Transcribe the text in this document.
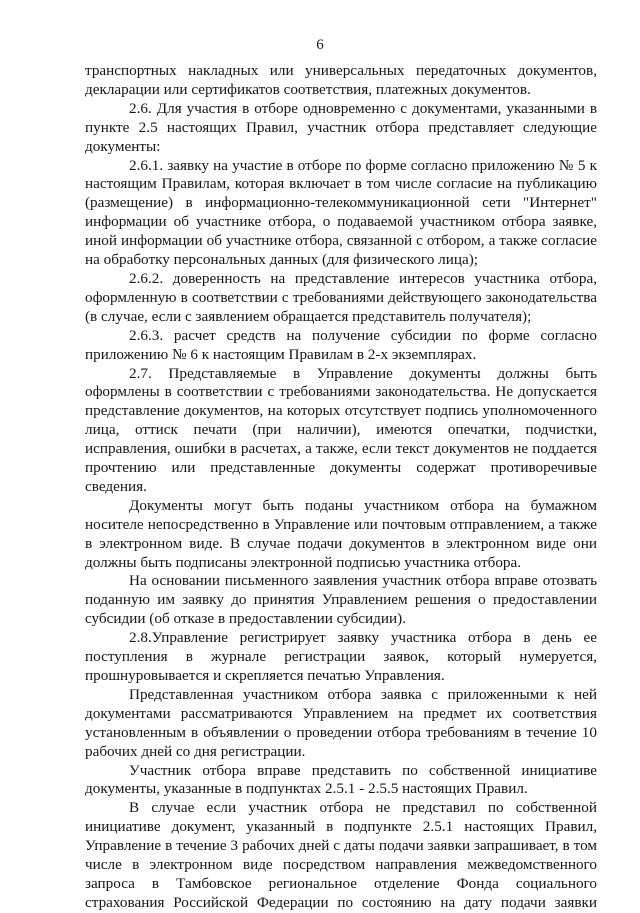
6

транспортных накладных или универсальных передаточных документов, декларации или сертификатов соответствия, платежных документов.

2.6. Для участия в отборе одновременно с документами, указанными в пункте 2.5 настоящих Правил, участник отбора представляет следующие документы:

2.6.1. заявку на участие в отборе по форме согласно приложению № 5 к настоящим Правилам, которая включает в том числе согласие на публикацию (размещение) в информационно-телекоммуникационной сети "Интернет" информации об участнике отбора, о подаваемой участником отбора заявке, иной информации об участнике отбора, связанной с отбором, а также согласие на обработку персональных данных (для физического лица);

2.6.2. доверенность на представление интересов участника отбора, оформленную в соответствии с требованиями действующего законодательства (в случае, если с заявлением обращается представитель получателя);

2.6.3. расчет средств на получение субсидии по форме согласно приложению № 6 к настоящим Правилам в 2-х экземплярах.

2.7. Представляемые в Управление документы должны быть оформлены в соответствии с требованиями законодательства. Не допускается представление документов, на которых отсутствует подпись уполномоченного лица, оттиск печати (при наличии), имеются опечатки, подчистки, исправления, ошибки в расчетах, а также, если текст документов не поддается прочтению или представленные документы содержат противоречивые сведения.

Документы могут быть поданы участником отбора на бумажном носителе непосредственно в Управление или почтовым отправлением, а также в электронном виде. В случае подачи документов в электронном виде они должны быть подписаны электронной подписью участника отбора.

На основании письменного заявления участник отбора вправе отозвать поданную им заявку до принятия Управлением решения о предоставлении субсидии (об отказе в предоставлении субсидии).

2.8.Управление регистрирует заявку участника отбора в день ее поступления в журнале регистрации заявок, который нумеруется, прошнуровывается и скрепляется печатью Управления.

Представленная участником отбора заявка с приложенными к ней документами рассматриваются Управлением на предмет их соответствия установленным в объявлении о проведении отбора требованиям в течение 10 рабочих дней со дня регистрации.

Участник отбора вправе представить по собственной инициативе документы, указанные в подпунктах 2.5.1 - 2.5.5 настоящих Правил.

В случае если участник отбора не представил по собственной инициативе документ, указанный в подпункте 2.5.1 настоящих Правил, Управление в течение 3 рабочих дней с даты подачи заявки запрашивает, в том числе в электронном виде посредством направления межведомственного запроса в Тамбовское региональное отделение Фонда социального страхования Российской Федерации по состоянию на дату подачи заявки
